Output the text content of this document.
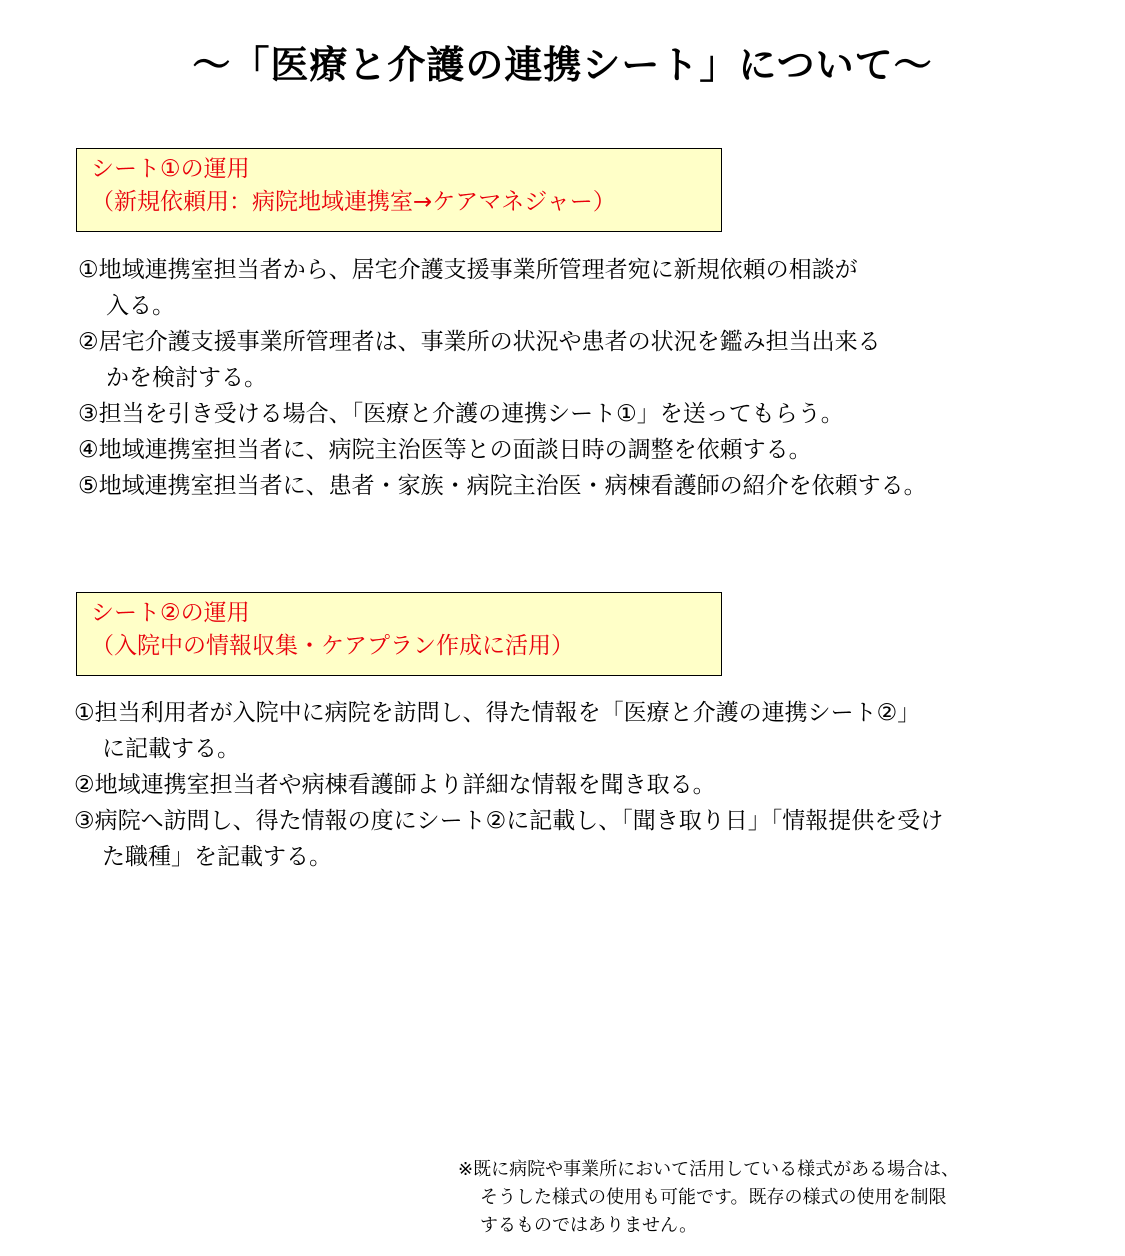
～「医療と介護の連携シート」について～
シート①の運用
（新規依頼用：病院地域連携室→ケアマネジャー）
①地域連携室担当者から、居宅介護支援事業所管理者宛に新規依頼の相談が
入る。
②居宅介護支援事業所管理者は、事業所の状況や患者の状況を鑑み担当出来る
かを検討する。
③担当を引き受ける場合、「医療と介護の連携シート①」を送ってもらう。
④地域連携室担当者に、病院主治医等との面談日時の調整を依頼する。
⑤地域連携室担当者に、患者・家族・病院主治医・病棟看護師の紹介を依頼する。
シート②の運用
（入院中の情報収集・ケアプラン作成に活用）
①担当利用者が入院中に病院を訪問し、得た情報を「医療と介護の連携シート②」
に記載する。
②地域連携室担当者や病棟看護師より詳細な情報を聞き取る。
③病院へ訪問し、得た情報の度にシート②に記載し、「聞き取り日」「情報提供を受け
た職種」を記載する。
※既に病院や事業所において活用している様式がある場合は、
そうした様式の使用も可能です。既存の様式の使用を制限
するものではありません。
